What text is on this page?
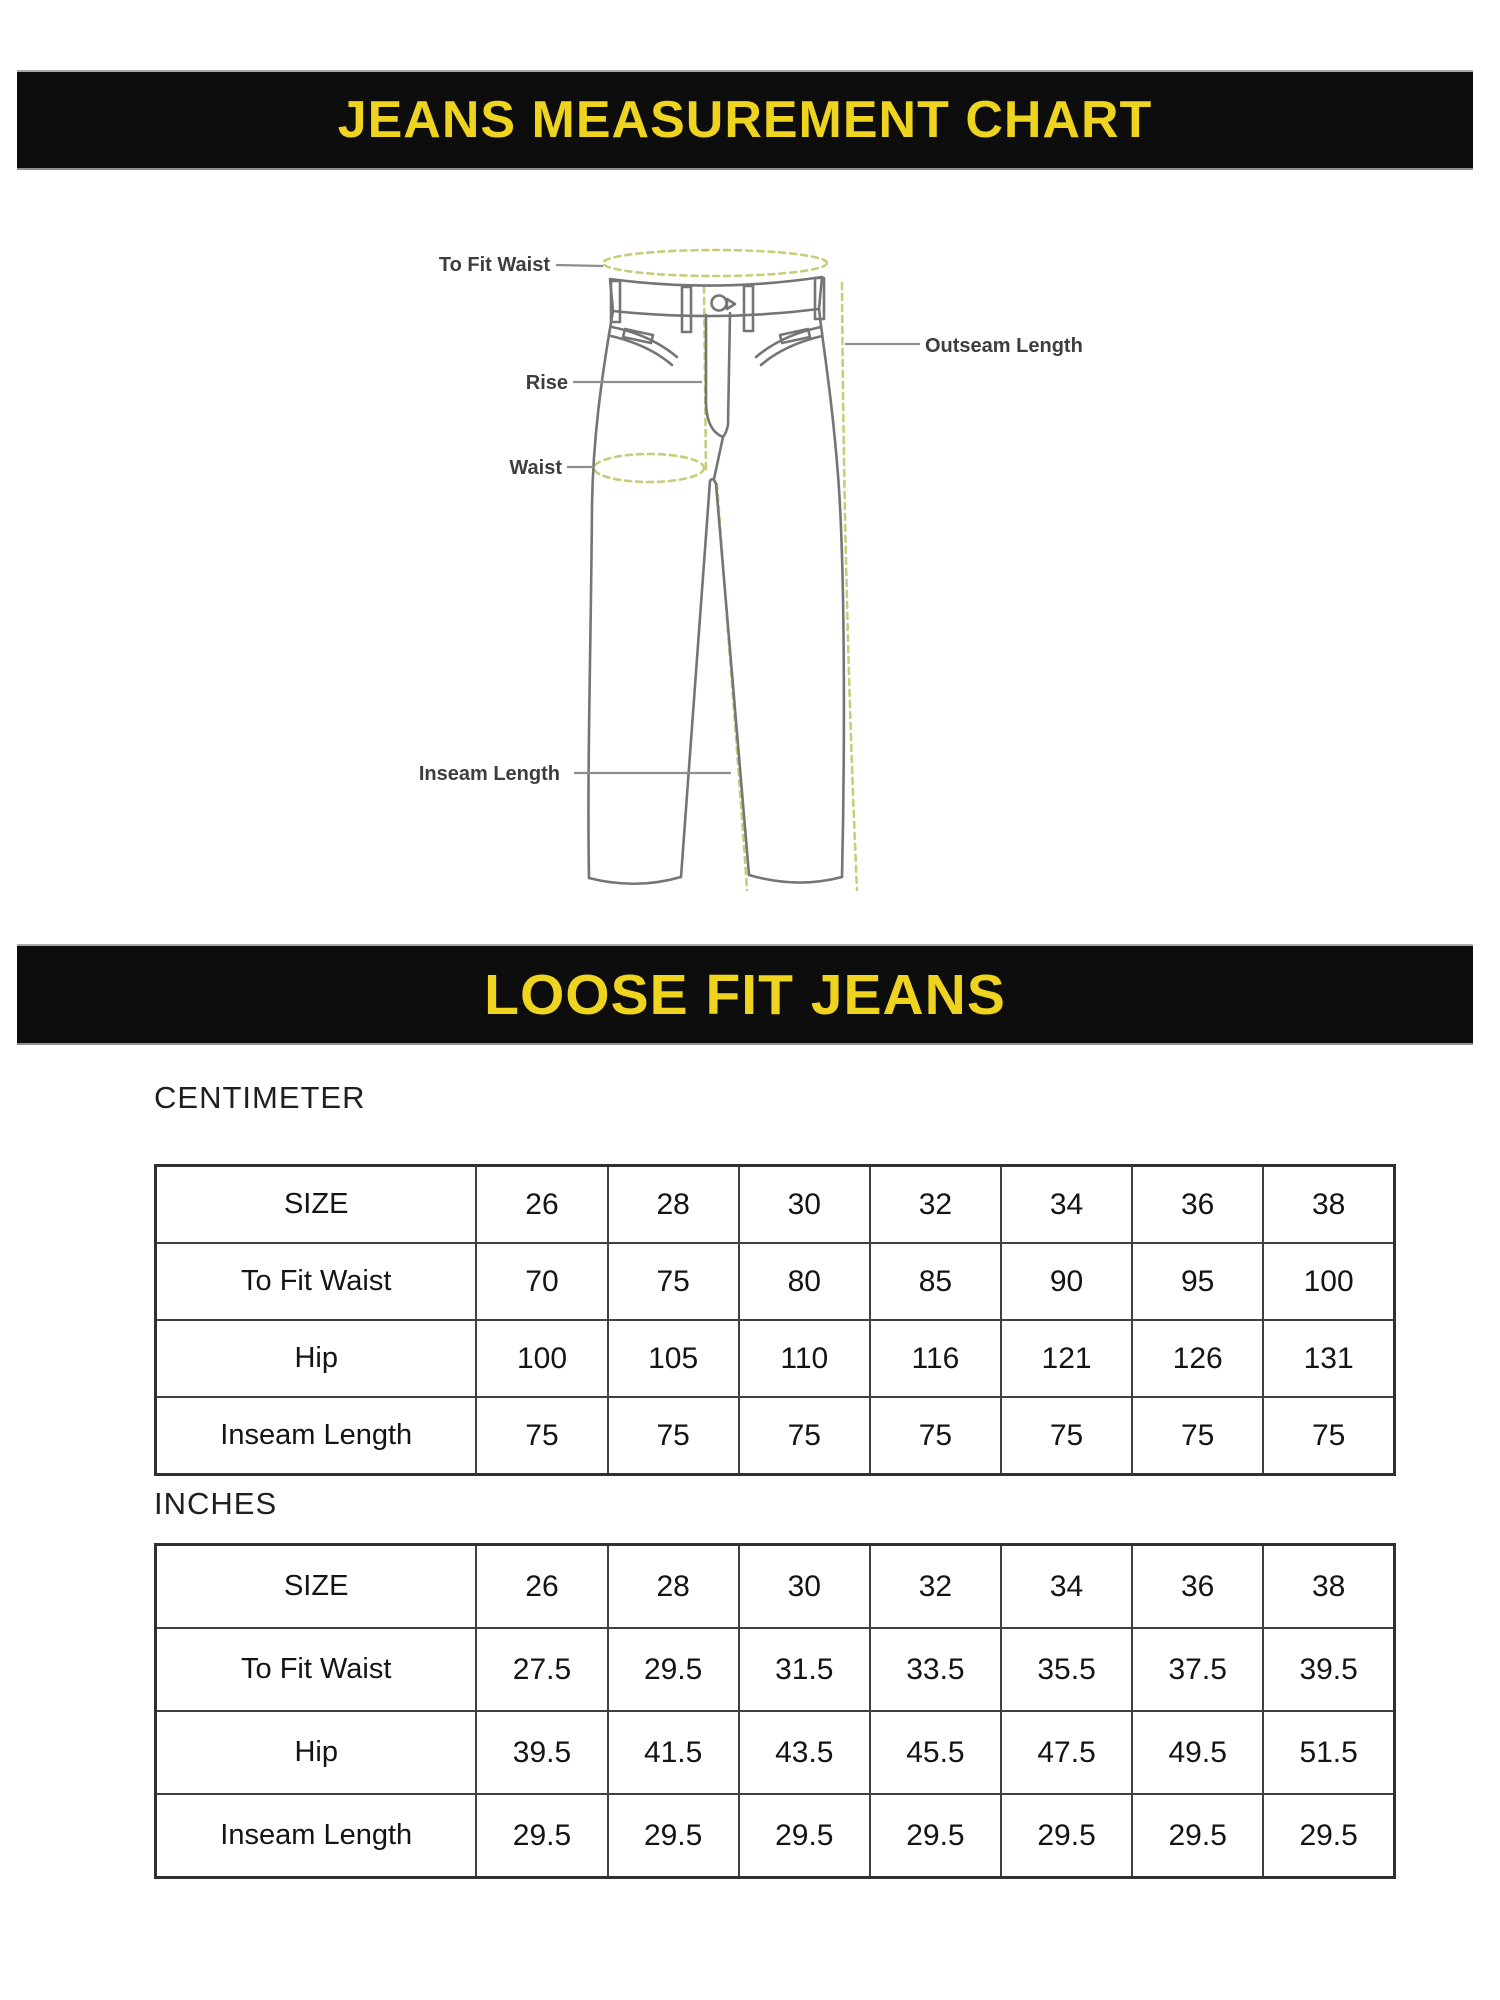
JEANS MEASUREMENT CHART
To Fit Waist
Rise
Waist
Inseam Length
Outseam Length
LOOSE FIT JEANS
CENTIMETER
SIZE	26	28	30	32	34	36	38
To Fit Waist	70	75	80	85	90	95	100
Hip	100	105	110	116	121	126	131
Inseam Length	75	75	75	75	75	75	75
INCHES
SIZE	26	28	30	32	34	36	38
To Fit Waist	27.5	29.5	31.5	33.5	35.5	37.5	39.5
Hip	39.5	41.5	43.5	45.5	47.5	49.5	51.5
Inseam Length	29.5	29.5	29.5	29.5	29.5	29.5	29.5
